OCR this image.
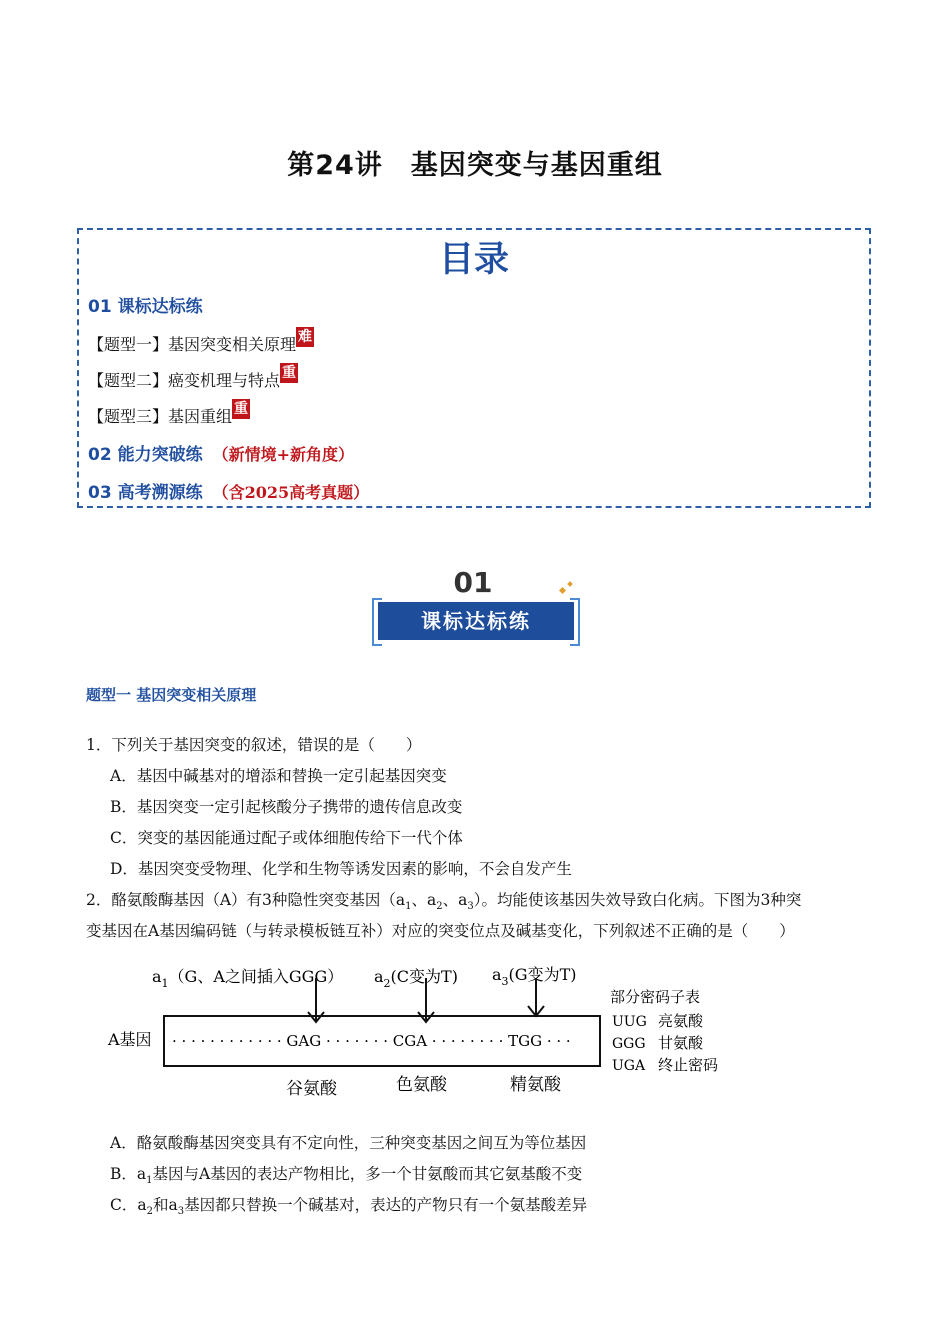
第24讲　基因突变与基因重组
目录
01 课标达标练
【题型一】基因突变相关原理 难
【题型二】癌变机理与特点 重
【题型三】基因重组 重
02 能力突破练 （新情境+新角度）
03 高考溯源练 （含2025高考真题）
01
课标达标练
题型一 基因突变相关原理
1．下列关于基因突变的叙述，错误的是（　　）
A．基因中碱基对的增添和替换一定引起基因突变
B．基因突变一定引起核酸分子携带的遗传信息改变
C．突变的基因能通过配子或体细胞传给下一代个体
D．基因突变受物理、化学和生物等诱发因素的影响，不会自发产生
2．酪氨酸酶基因（A）有3种隐性突变基因（$a_1$、$a_2$、$a_3$）。均能使该基因失效导致白化病。下图为3种突
变基因在A基因编码链（与转录模板链互补）对应的突变位点及碱基变化，下列叙述不正确的是（　　）
$a_1(G$、A之间插入GGG） $a_2(C$变为T) $a_3(G$变为T)
A基因 · · · · · · · · · · · · GAG · · · · · · · CGA · · · · · · · · TGG · · ·
谷氨酸	色氨酸	精氨酸
部分密码子表
UUG 亮氨酸
GGG 甘氨酸
UGA 终止密码
A．酪氨酸酶基因突变具有不定向性，三种突变基因之间互为等位基因
B．$a_1$基因与A基因的表达产物相比，多一个甘氨酸而其它氨基酸不变
C．$a_2$和$a_3$基因都只替换一个碱基对，表达的产物只有一个氨基酸差异
